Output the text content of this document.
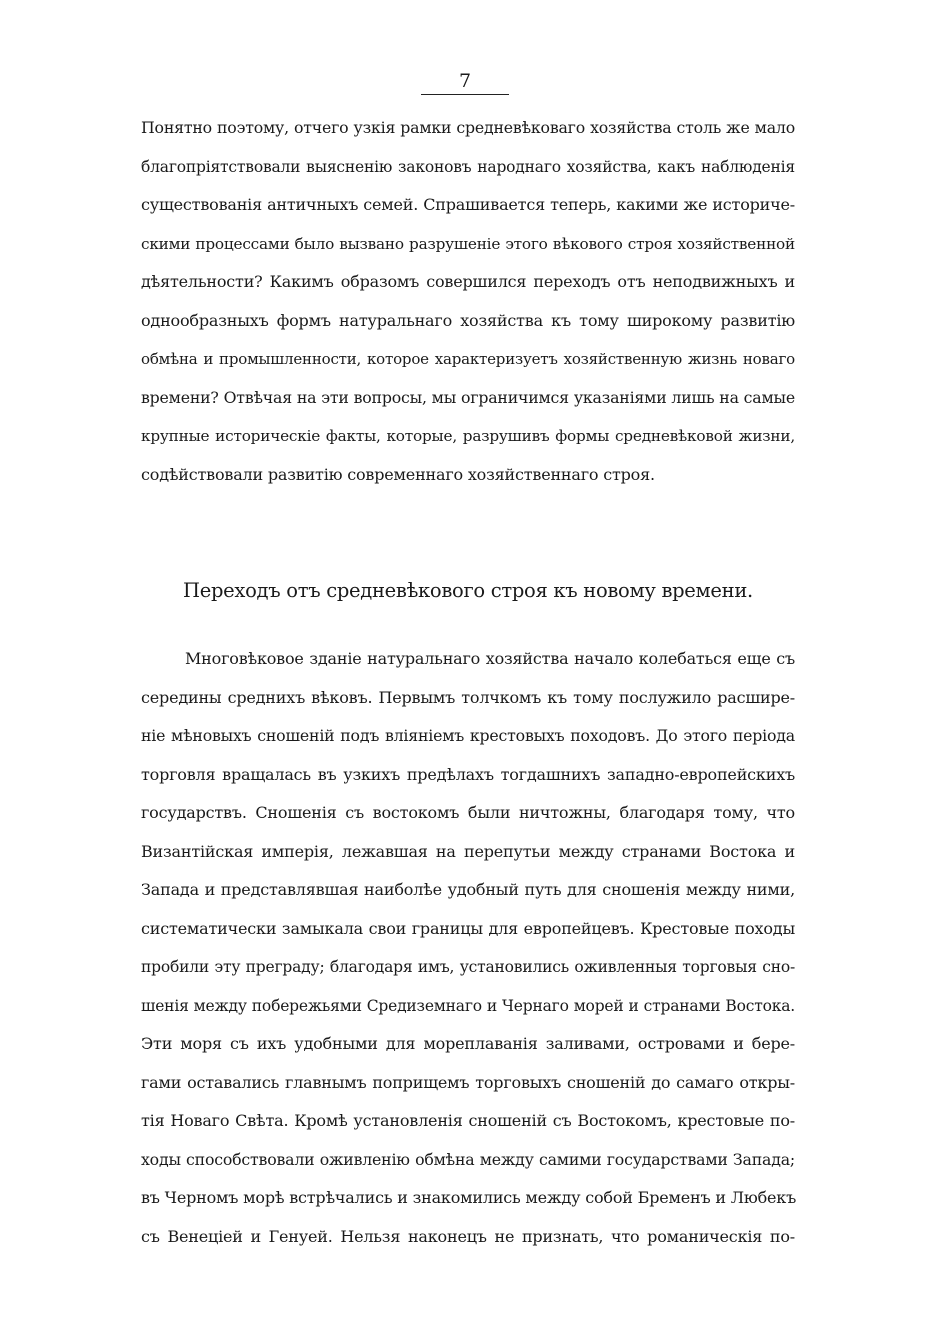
7
Понятно поэтому, отчего узкія рамки средневѣковаго хозяйства столь же мало
благопріятствовали выясненію законовъ народнаго хозяйства, какъ наблюденія
существованія античныхъ семей. Спрашивается теперь, какими же историче-
скими процессами было вызвано разрушеніе этого вѣкового строя хозяйственной
дѣятельности? Какимъ образомъ совершился переходъ отъ неподвижныхъ и
однообразныхъ формъ натуральнаго хозяйства къ тому широкому развитію
обмѣна и промышленности, которое характеризуетъ хозяйственную жизнь новаго
времени? Отвѣчая на эти вопросы, мы ограничимся указаніями лишь на самые
крупные историческіе факты, которые, разрушивъ формы средневѣковой жизни,
содѣйствовали развитію современнаго хозяйственнаго строя.
Переходъ отъ средневѣкового строя къ новому времени.
Многовѣковое зданіе натуральнаго хозяйства начало колебаться еще съ
середины среднихъ вѣковъ. Первымъ толчкомъ къ тому послужило расшире-
ніе мѣновыхъ сношеній подъ вліяніемъ крестовыхъ походовъ. До этого періода
торговля вращалась въ узкихъ предѣлахъ тогдашнихъ западно-европейскихъ
государствъ. Сношенія съ востокомъ были ничтожны, благодаря тому, что
Византійская имперія, лежавшая на перепутьи между странами Востока и
Запада и представлявшая наиболѣе удобный путь для сношенія между ними,
систематически замыкала свои границы для европейцевъ. Крестовые походы
пробили эту преграду; благодаря имъ, установились оживленныя торговыя сно-
шенія между побережьями Средиземнаго и Чернаго морей и странами Востока.
Эти моря съ ихъ удобными для мореплаванія заливами, островами и бере-
гами оставались главнымъ поприщемъ торговыхъ сношеній до самаго откры-
тія Новаго Свѣта. Кромѣ установленія сношеній съ Востокомъ, крестовые по-
ходы способствовали оживленію обмѣна между самими государствами Запада;
въ Черномъ морѣ встрѣчались и знакомились между собой Бременъ и Любекъ
съ Венеціей и Генуей. Нельзя наконецъ не признать, что романическія по-
